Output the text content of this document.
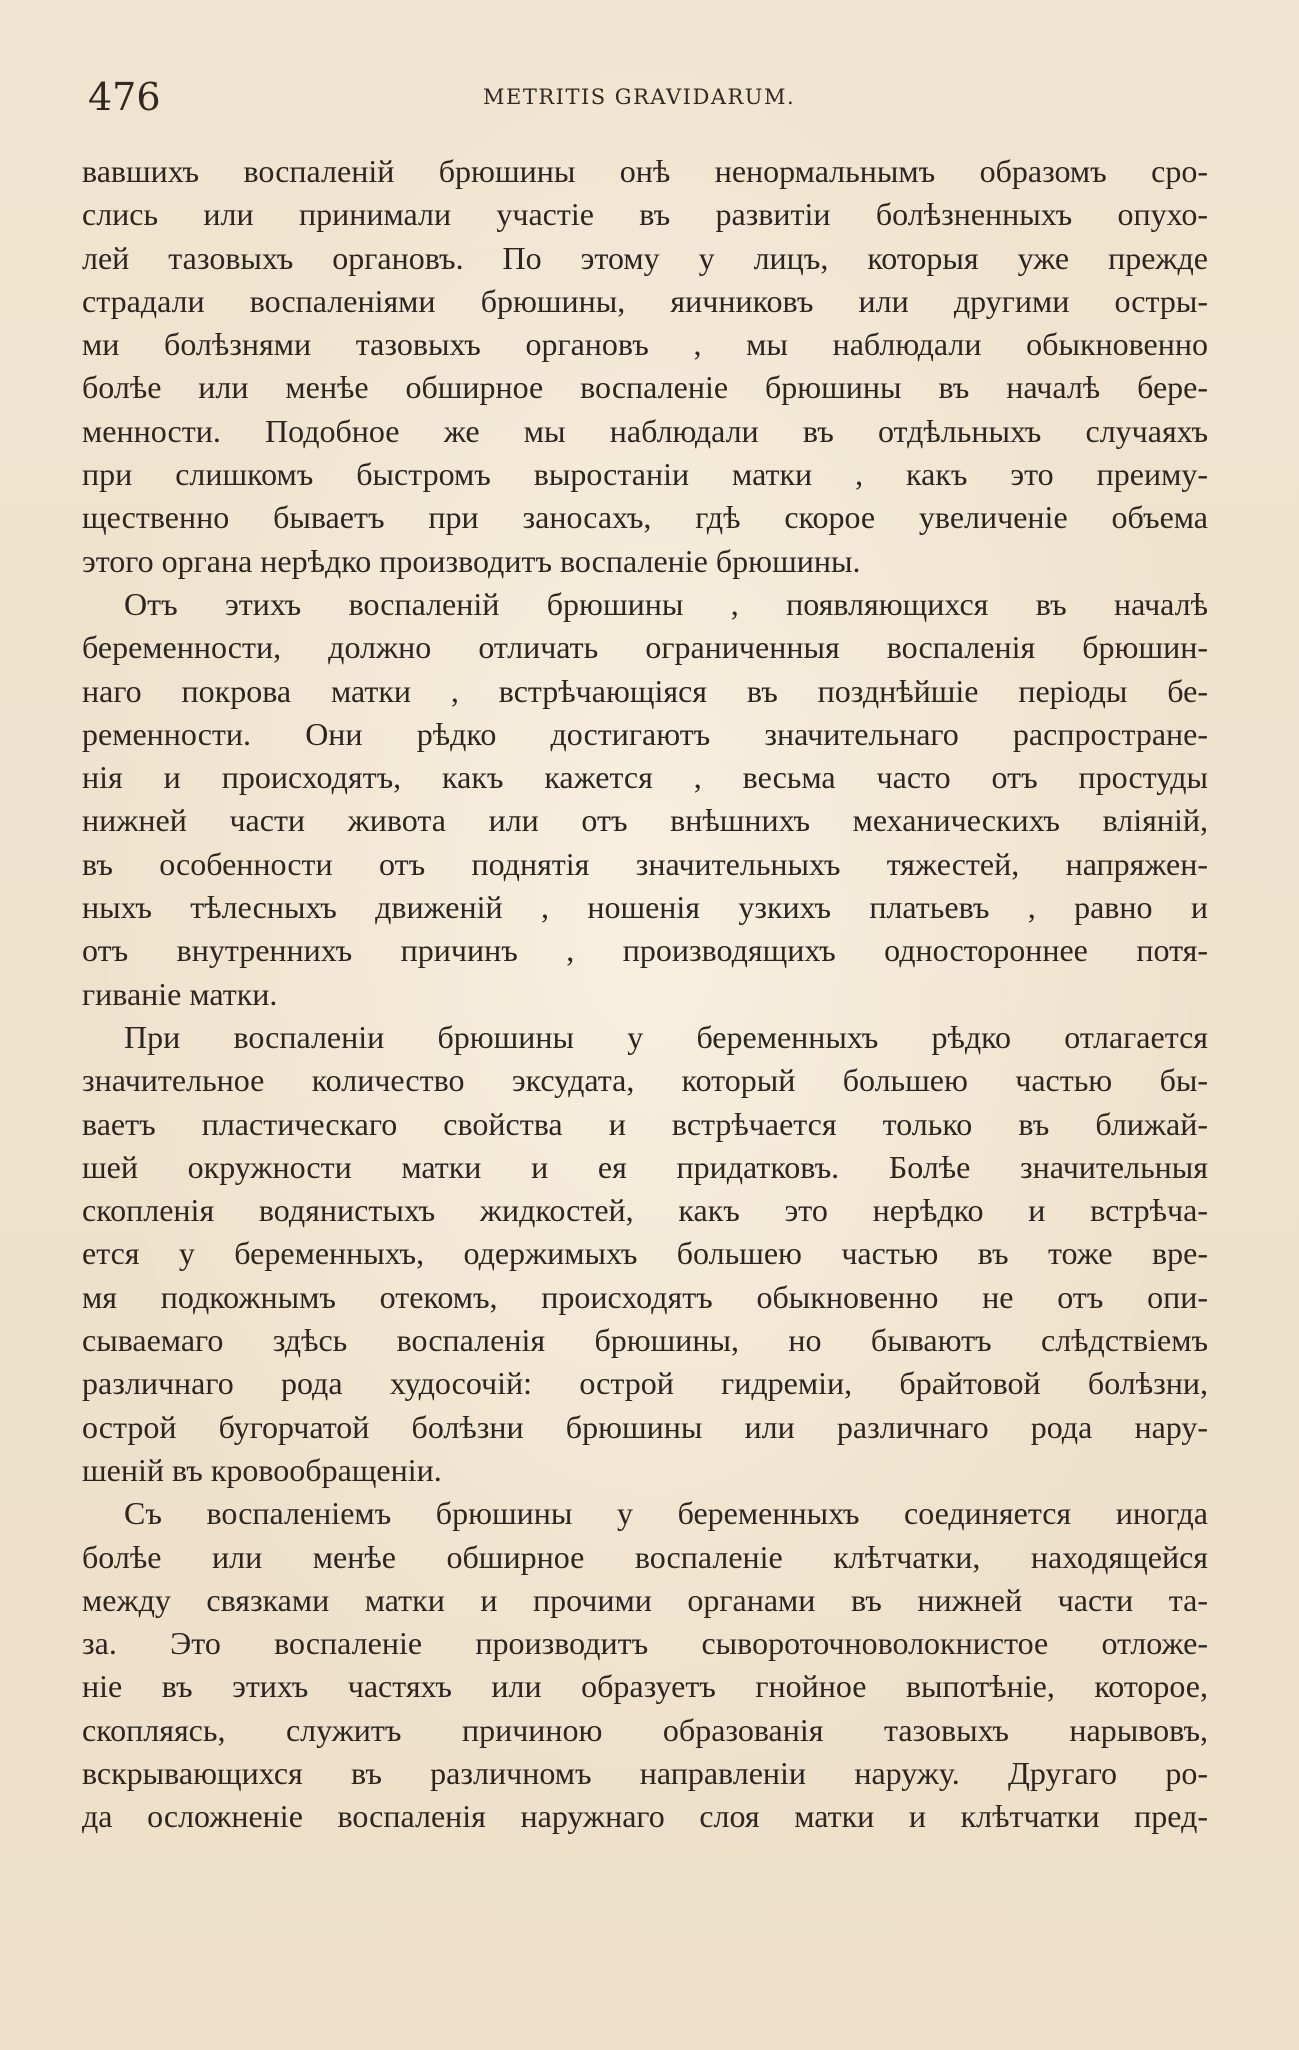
476	METRITIS GRAVIDARUM.
вавшихъ воспаленій брюшины онѣ ненормальнымъ образомъ сро-
слись или принимали участіе въ развитіи болѣзненныхъ опухо-
лей тазовыхъ органовъ. По этому у лицъ, которыя уже прежде
страдали воспаленіями брюшины, яичниковъ или другими остры-
ми болѣзнями тазовыхъ органовъ , мы наблюдали обыкновенно
болѣе или менѣе обширное воспаленіе брюшины въ началѣ бере-
менности. Подобное же мы наблюдали въ отдѣльныхъ случаяхъ
при слишкомъ быстромъ выростаніи матки , какъ это преиму-
щественно бываетъ при заносахъ, гдѣ скорое увеличеніе объема
этого органа нерѣдко производитъ воспаленіе брюшины.
Отъ этихъ воспаленій брюшины , появляющихся въ началѣ
беременности, должно отличать ограниченныя воспаленія брюшин-
наго покрова матки , встрѣчающіяся въ позднѣйшіе періоды бе-
ременности. Они рѣдко достигаютъ значительнаго распростране-
нія и происходятъ, какъ кажется , весьма часто отъ простуды
нижней части живота или отъ внѣшнихъ механическихъ вліяній,
въ особенности отъ поднятія значительныхъ тяжестей, напряжен-
ныхъ тѣлесныхъ движеній , ношенія узкихъ платьевъ , равно и
отъ внутреннихъ причинъ , производящихъ одностороннее потя-
гиваніе матки.
При воспаленіи брюшины у беременныхъ рѣдко отлагается
значительное количество эксудата, который большею частью бы-
ваетъ пластическаго свойства и встрѣчается только въ ближай-
шей окружности матки и ея придатковъ. Болѣе значительныя
скопленія водянистыхъ жидкостей, какъ это нерѣдко и встрѣча-
ется у беременныхъ, одержимыхъ большею частью въ тоже вре-
мя подкожнымъ отекомъ, происходятъ обыкновенно не отъ опи-
сываемаго здѣсь воспаленія брюшины, но бываютъ слѣдствіемъ
различнаго рода худосочій: острой гидреміи, брайтовой болѣзни,
острой бугорчатой болѣзни брюшины или различнаго рода нару-
шеній въ кровообращеніи.
Съ воспаленіемъ брюшины у беременныхъ соединяется иногда
болѣе или менѣе обширное воспаленіе клѣтчатки, находящейся
между связками матки и прочими органами въ нижней части та-
за. Это воспаленіе производитъ сывороточноволокнистое отложе-
ніе въ этихъ частяхъ или образуетъ гнойное выпотѣніе, которое,
скопляясь, служитъ причиною образованія тазовыхъ нарывовъ,
вскрывающихся въ различномъ направленіи наружу. Другаго ро-
да осложненіе воспаленія наружнаго слоя матки и клѣтчатки пред-
